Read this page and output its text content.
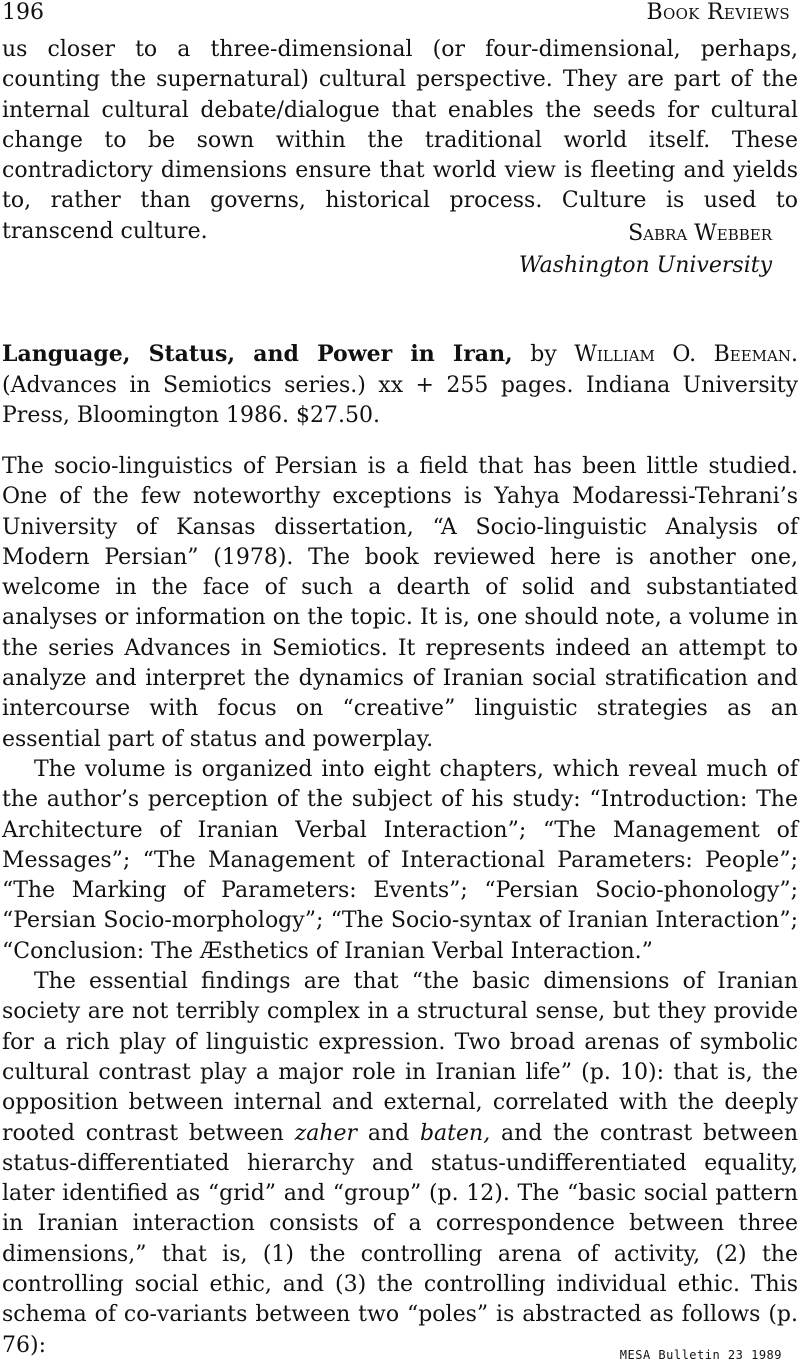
196	Book Reviews

us closer to a three-dimensional (or four-dimensional, perhaps, counting the supernatural) cultural perspective. They are part of the internal cultural debate/dialogue that enables the seeds for cultural change to be sown within the traditional world itself. These contradictory dimensions ensure that world view is fleeting and yields to, rather than governs, historical process. Culture is used to transcend culture.	Sabra Webber
Washington University
Language, Status, and Power in Iran, by William O. Beeman. (Advances in Semiotics series.) xx + 255 pages. Indiana University Press, Bloomington 1986. $27.50.

The socio-linguistics of Persian is a field that has been little studied. One of the few noteworthy exceptions is Yahya Modaressi-Tehrani’s University of Kansas dissertation, “A Socio-linguistic Analysis of Modern Persian” (1978). The book reviewed here is another one, welcome in the face of such a dearth of solid and substantiated analyses or information on the topic. It is, one should note, a volume in the series Advances in Semiotics. It represents indeed an attempt to analyze and interpret the dynamics of Iranian social stratification and intercourse with focus on “creative” linguistic strategies as an essential part of status and powerplay.

The volume is organized into eight chapters, which reveal much of the author’s perception of the subject of his study: “Introduction: The Architecture of Iranian Verbal Interaction”; “The Management of Messages”; “The Management of Interactional Parameters: People”; “The Marking of Parameters: Events”; “Persian Socio-phonology”; “Persian Socio-morphology”; “The Socio-syntax of Iranian Interaction”; “Conclusion: The Æsthetics of Iranian Verbal Interaction.”

The essential findings are that “the basic dimensions of Iranian society are not terribly complex in a structural sense, but they provide for a rich play of linguistic expression. Two broad arenas of symbolic cultural contrast play a major role in Iranian life” (p. 10): that is, the opposition between internal and external, correlated with the deeply rooted contrast between zaher and baten, and the contrast between status-differentiated hierarchy and status-undifferentiated equality, later identified as “grid” and “group” (p. 12). The “basic social pattern in Iranian interaction consists of a correspondence between three dimensions,” that is, (1) the controlling arena of activity, (2) the controlling social ethic, and (3) the controlling individual ethic. This schema of co-variants between two “poles” is abstracted as follows (p. 76):	MESA Bulletin 23 1989
